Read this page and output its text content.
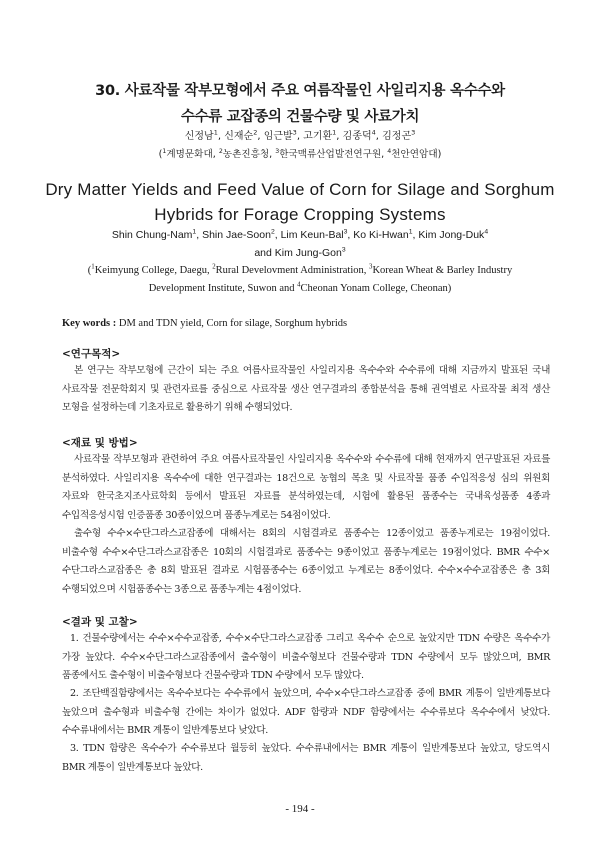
30. 사료작물 작부모형에서 주요 여름작물인 사일리지용 옥수수와
수수류 교잡종의 건물수량 및 사료가치
신정남$^1$, 신재순$^2$, 임근발$^3$, 고기환$^1$, 김종덕$^4$, 김정곤$^3$
($^1$계명문화대, $^2$농촌진흥청, $^3$한국맥류산업발전연구원, $^4$천안연암대)
Dry Matter Yields and Feed Value of Corn for Silage and Sorghum
Hybrids for Forage Cropping Systems
Shin Chung-Nam$^1$, Shin Jae-Soon$^2$, Lim Keun-Bal$^3$, Ko Ki-Hwan$^1$, Kim Jong-Duk$^4$
and Kim Jung-Gon$^3$
($^1$Keimyung College, Daegu, $^2$Rural Develovment Administration, $^3$Korean Wheat & Barley Industry
Development Institute, Suwon and $^4$Cheonan Yonam College, Cheonan)
Key words : DM and TDN yield, Corn for silage, Sorghum hybrids
<연구목적>
본 연구는 작부모형에 근간이 되는 주요 여름사료작물인 사일리지용 옥수수와 수수류에 대해 지금까지 발표된 국내 사료작물 전문학회지 및 관련자료를 중심으로 사료작물 생산 연구결과의 종합분석을 통해 권역별로 사료작물 최적 생산 모형을 설정하는데 기초자료로 활용하기 위해 수행되었다.
<재료 및 방법>
사료작물 작부모형과 관련하여 주요 여름사료작물인 사일리지용 옥수수와 수수류에 대해 현재까지 연구발표된 자료를 분석하였다. 사일리지용 옥수수에 대한 연구결과는 18건으로 농협의 목초 및 사료작물 품종 수입적응성 심의 위원회 자료와 한국초지조사료학회 등에서 발표된 자료를 분석하였는데, 시험에 활용된 품종수는 국내육성품종 4종과 수입적응성시험 인증품종 30종이었으며 품종누계로는 54점이었다.
출수형 수수×수단그라스교잡종에 대해서는 8회의 시험결과로 품종수는 12종이었고 품종누계로는 19점이었다. 비출수형 수수×수단그라스교잡종은 10회의 시험결과로 품종수는 9종이었고 품종누계로는 19점이었다. BMR 수수×수단그라스교잡종은 총 8회 발표된 결과로 시험품종수는 6종이었고 누계로는 8종이었다. 수수×수수교잡종은 총 3회 수행되었으며 시험품종수는 3종으로 품종누계는 4점이었다.
<결과 및 고찰>
1. 건물수량에서는 수수×수수교잡종, 수수×수단그라스교잡종 그리고 옥수수 순으로 높았지만 TDN 수량은 옥수수가 가장 높았다. 수수×수단그라스교잡종에서 출수형이 비출수형보다 건물수량과 TDN 수량에서 모두 많았으며, BMR 품종에서도 출수형이 비출수형보다 건물수량과 TDN 수량에서 모두 많았다.
2. 조단백질함량에서는 옥수수보다는 수수류에서 높았으며, 수수×수단그라스교잡종 중에 BMR 계통이 일반계통보다 높았으며 출수형과 비출수형 간에는 차이가 없었다. ADF 함량과 NDF 함량에서는 수수류보다 옥수수에서 낮았다. 수수류내에서는 BMR 계통이 일반계통보다 낮았다.
3. TDN 함량은 옥수수가 수수류보다 월등히 높았다. 수수류내에서는 BMR 계통이 일반계통보다 높았고, 당도역시 BMR 계통이 일반계통보다 높았다.
- 194 -
